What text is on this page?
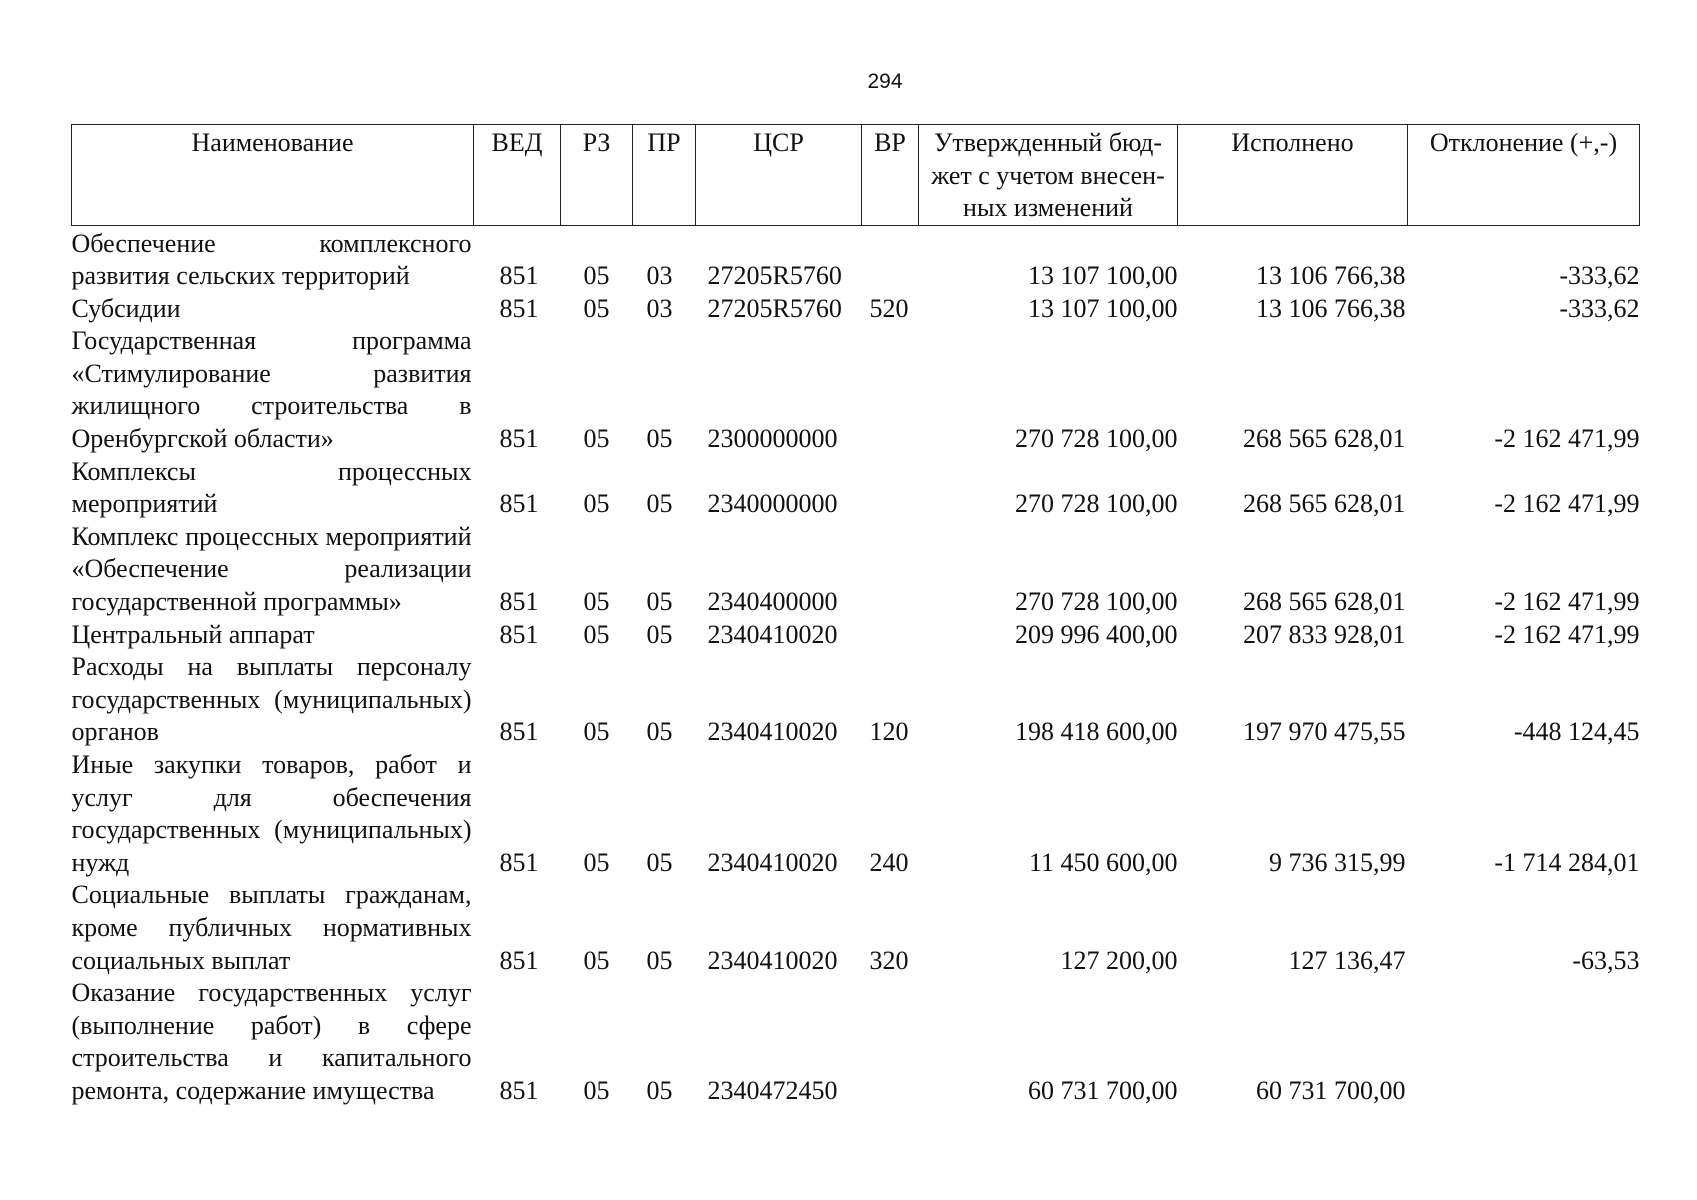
294
Наименование	ВЕД	РЗ	ПР	ЦСР	ВР	Утвержденный бюд-жет с учетом внесен-ных изменений	Исполнено	Отклонение (+,-)
Обеспечение комплексного развития сельских территорий	851	05	03	27205R5760		13 107 100,00	13 106 766,38	-333,62
Субсидии	851	05	03	27205R5760	520	13 107 100,00	13 106 766,38	-333,62
Государственная программа «Стимулирование развития жилищного строительства в Оренбургской области»	851	05	05	2300000000		270 728 100,00	268 565 628,01	-2 162 471,99
Комплексы процессных мероприятий	851	05	05	2340000000		270 728 100,00	268 565 628,01	-2 162 471,99
Комплекс процессных мероприятий «Обеспечение реализации государственной программы»	851	05	05	2340400000		270 728 100,00	268 565 628,01	-2 162 471,99
Центральный аппарат	851	05	05	2340410020		209 996 400,00	207 833 928,01	-2 162 471,99
Расходы на выплаты персоналу государственных (муниципальных) органов	851	05	05	2340410020	120	198 418 600,00	197 970 475,55	-448 124,45
Иные закупки товаров, работ и услуг для обеспечения государственных (муниципальных) нужд	851	05	05	2340410020	240	11 450 600,00	9 736 315,99	-1 714 284,01
Социальные выплаты гражданам, кроме публичных нормативных социальных выплат	851	05	05	2340410020	320	127 200,00	127 136,47	-63,53
Оказание государственных услуг (выполнение работ) в сфере строительства и капитального ремонта, содержание имущества	851	05	05	2340472450		60 731 700,00	60 731 700,00	
